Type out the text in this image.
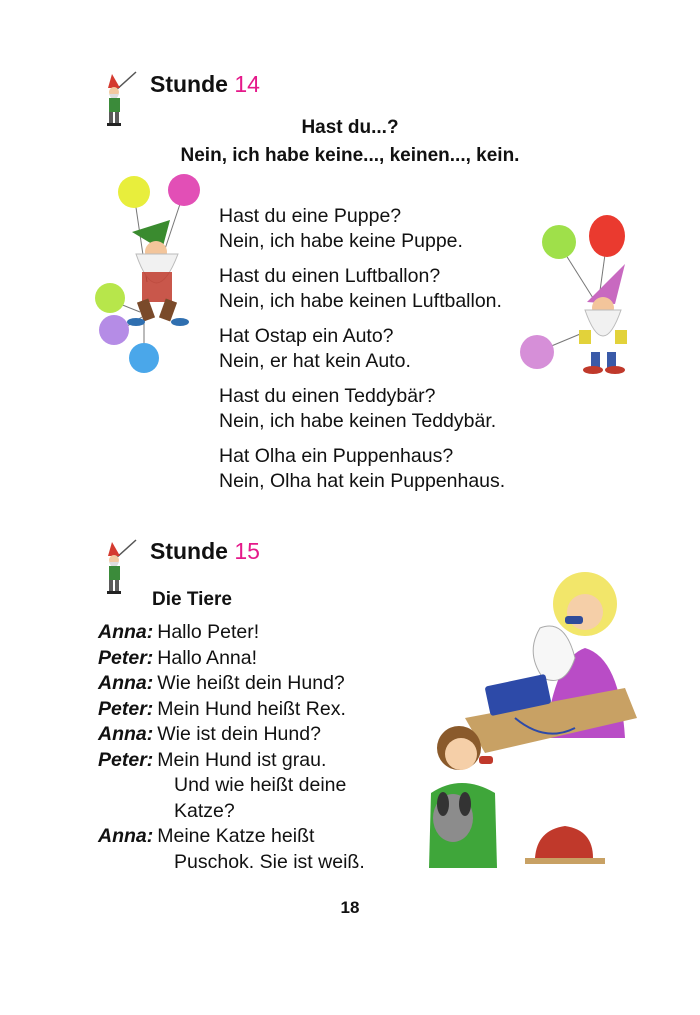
Stunde 14
Hast du...?
Nein, ich habe keine..., keinen..., kein.
Hast du eine Puppe?
Nein, ich habe keine Puppe.
Hast du einen Luftballon?
Nein, ich habe keinen Luftballon.
Hat Ostap ein Auto?
Nein, er hat kein Auto.
Hast du einen Teddybär?
Nein, ich habe keinen Teddybär.
Hat Olha ein Puppenhaus?
Nein, Olha hat kein Puppenhaus.
Stunde 15
Die Tiere
Anna: Hallo Peter!
Peter: Hallo Anna!
Anna: Wie heißt dein Hund?
Peter: Mein Hund heißt Rex.
Anna: Wie ist dein Hund?
Peter: Mein Hund ist grau.
Und wie heißt deine
Katze?
Anna: Meine Katze heißt
Puschok. Sie ist weiß.
18
